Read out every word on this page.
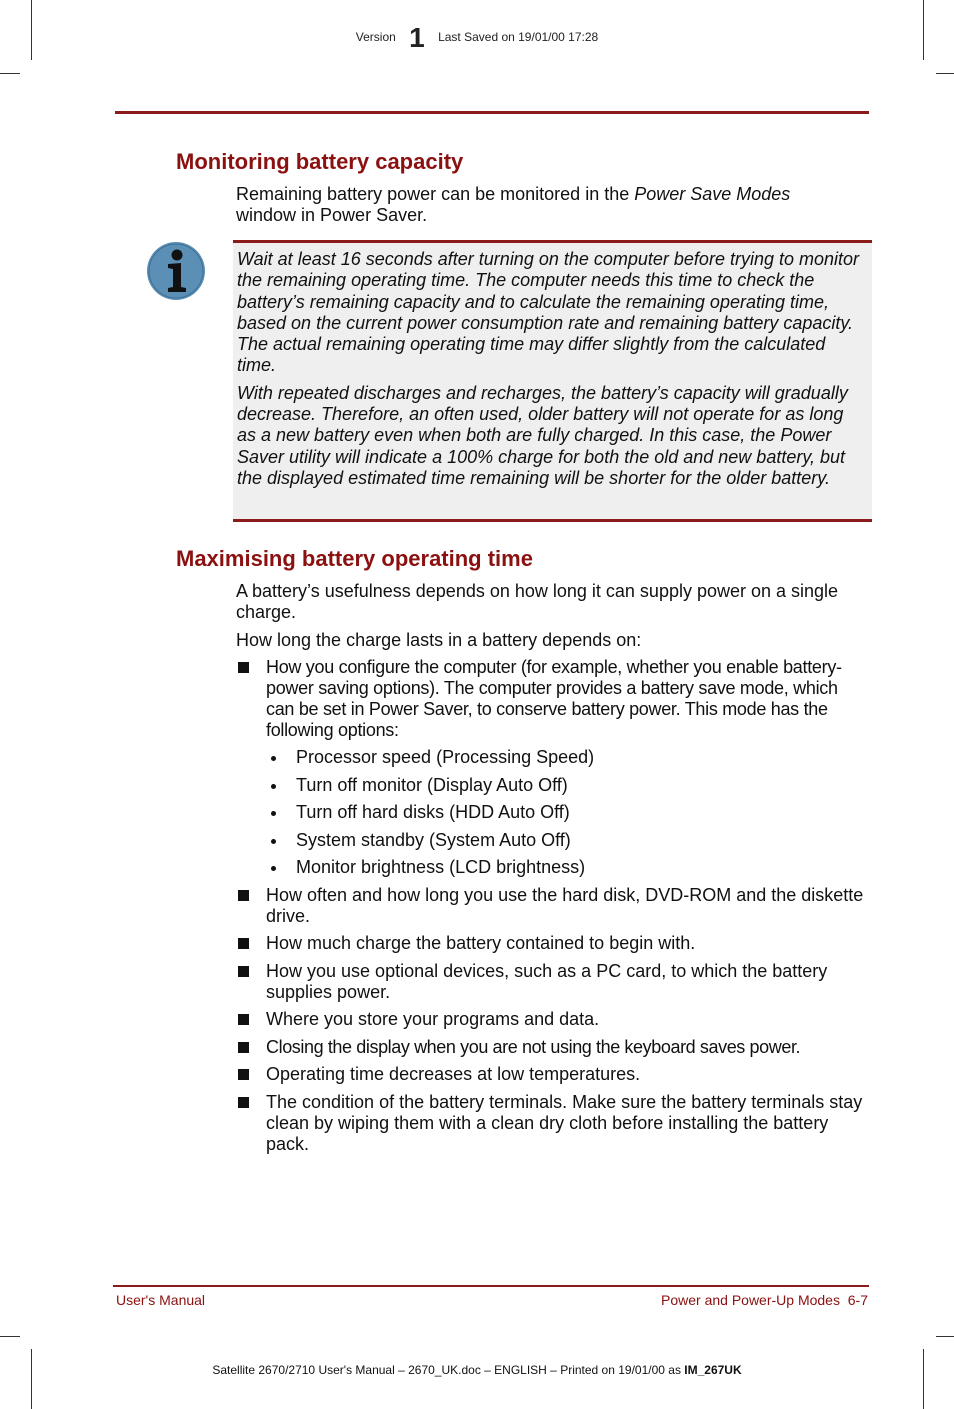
Version 1 Last Saved on 19/01/00 17:28
Monitoring battery capacity
Remaining battery power can be monitored in the Power Save Modes window in Power Saver.

Wait at least 16 seconds after turning on the computer before trying to monitor the remaining operating time. The computer needs this time to check the battery’s remaining capacity and to calculate the remaining operating time, based on the current power consumption rate and remaining battery capacity. The actual remaining operating time may differ slightly from the calculated time.

With repeated discharges and recharges, the battery’s capacity will gradually decrease. Therefore, an often used, older battery will not operate for as long as a new battery even when both are fully charged. In this case, the Power Saver utility will indicate a 100% charge for both the old and new battery, but the displayed estimated time remaining will be shorter for the older battery.

Maximising battery operating time
A battery’s usefulness depends on how long it can supply power on a single charge.
How long the charge lasts in a battery depends on:
How you configure the computer (for example, whether you enable battery-power saving options). The computer provides a battery save mode, which can be set in Power Saver, to conserve battery power. This mode has the following options:
Processor speed (Processing Speed)
Turn off monitor (Display Auto Off)
Turn off hard disks (HDD Auto Off)
System standby (System Auto Off)
Monitor brightness (LCD brightness)
How often and how long you use the hard disk, DVD-ROM and the diskette drive.
How much charge the battery contained to begin with.
How you use optional devices, such as a PC card, to which the battery supplies power.
Where you store your programs and data.
Closing the display when you are not using the keyboard saves power.
Operating time decreases at low temperatures.
The condition of the battery terminals. Make sure the battery terminals stay clean by wiping them with a clean dry cloth before installing the battery pack.
User's Manual	Power and Power-Up Modes  6-7
Satellite 2670/2710 User's Manual – 2670_UK.doc – ENGLISH – Printed on 19/01/00 as IM_267UK
